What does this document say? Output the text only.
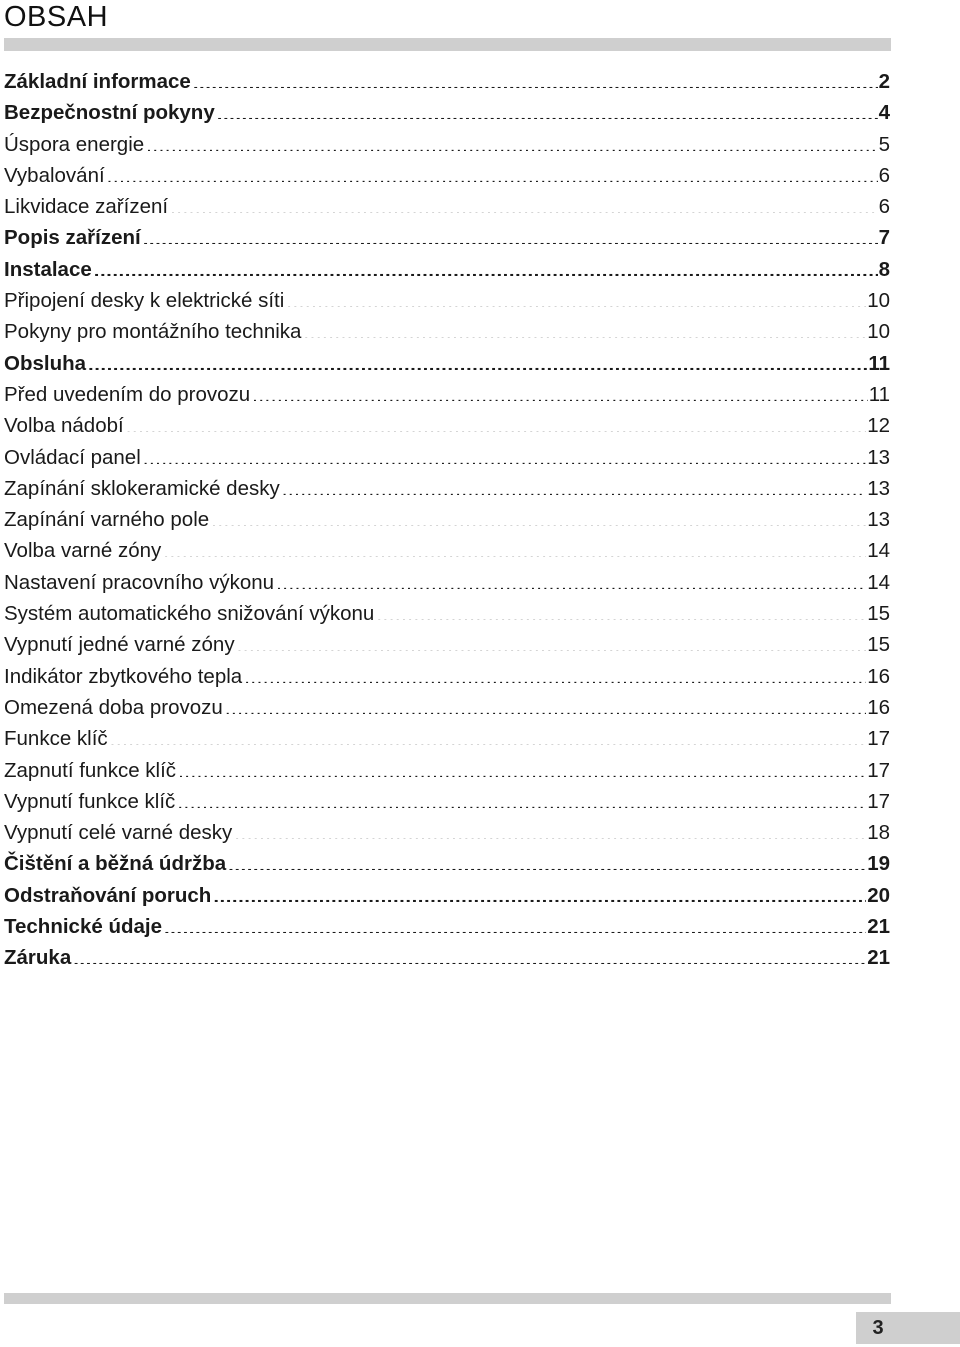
OBSAH
Základní informace .....	2
Bezpečnostní pokyny .....	4
Úspora energie .....	5
Vybalování .....	6
Likvidace zařízení .....	6
Popis zařízení .....	7
Instalace .....	8
Připojení desky k elektrické síti .....	10
Pokyny pro montážního technika .....	10
Obsluha .....	11
Před uvedením do provozu .....	11
Volba nádobí .....	12
Ovládací panel .....	13
Zapínání sklokeramické desky .....	13
Zapínání varného pole .....	13
Volba varné zóny .....	14
Nastavení pracovního výkonu .....	14
Systém automatického snižování výkonu .....	15
Vypnutí jedné varné zóny .....	15
Indikátor zbytkového tepla .....	16
Omezená doba provozu .....	16
Funkce klíč .....	17
Zapnutí funkce klíč .....	17
Vypnutí funkce klíč .....	17
Vypnutí celé varné desky .....	18
Čištění a běžná údržba .....	19
Odstraňování poruch .....	20
Technické údaje .....	21
Záruka .....	21
3
